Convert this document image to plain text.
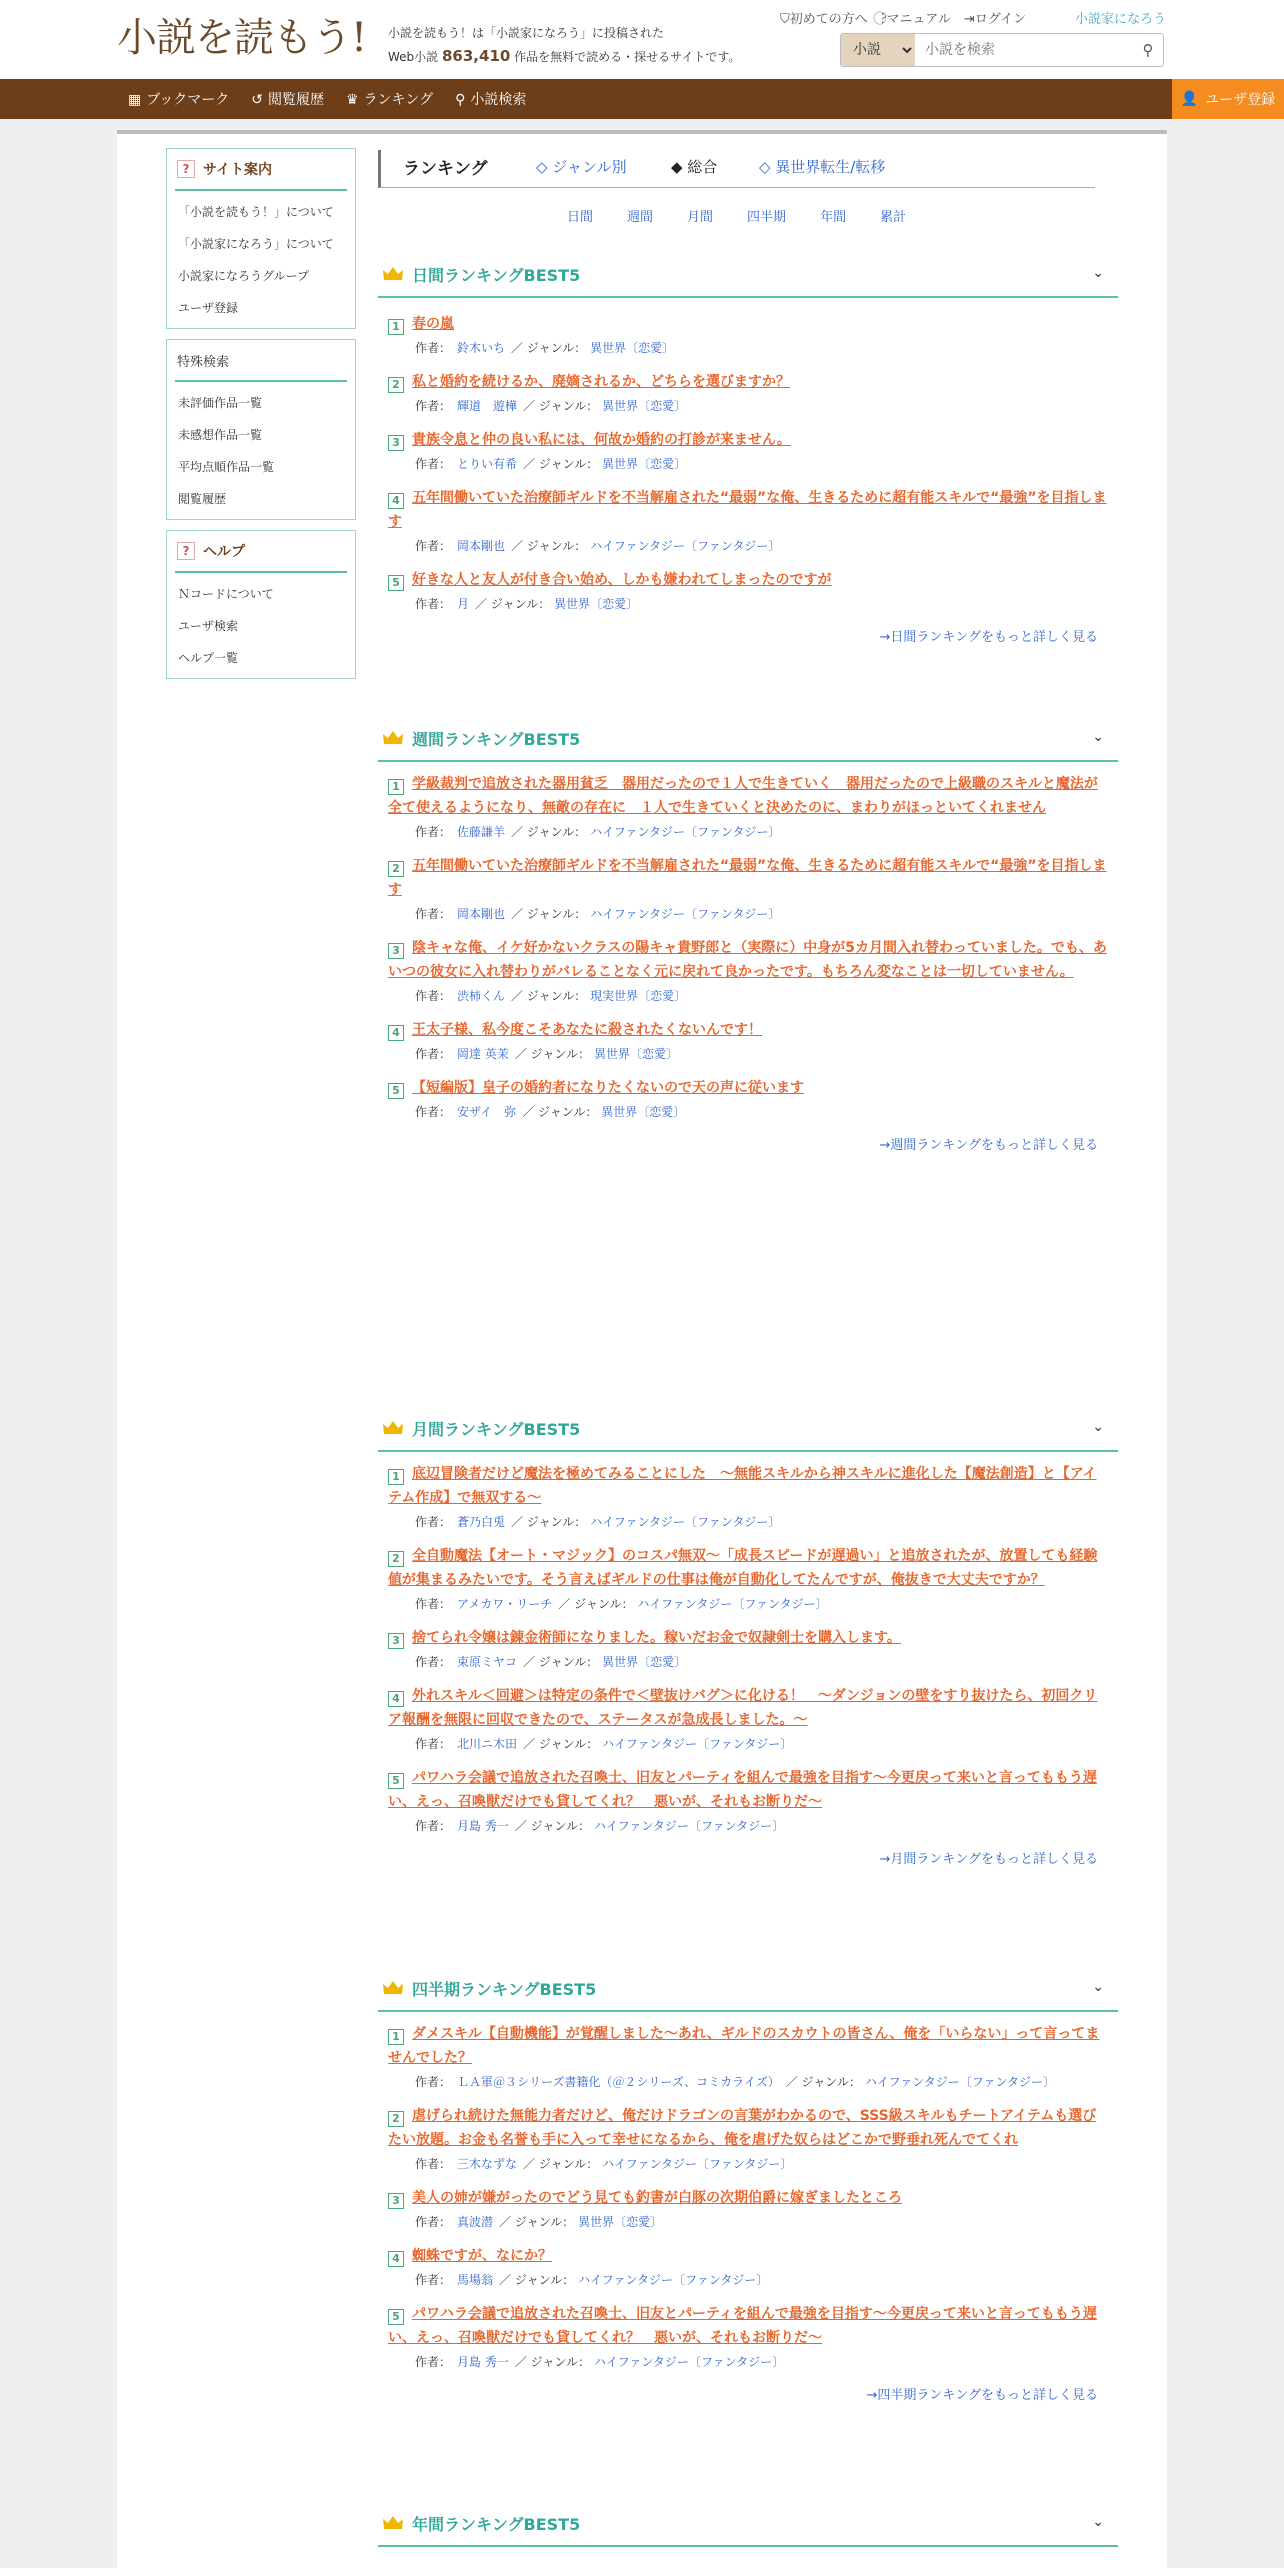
小説を読もう! 小説を読もう！は「小説家になろう」に投稿された
Web小説 863,410 作品を無料で読める・探せるサイトです。
⛉初めての方へ ?⃝マニュアル ⇥ログイン	小説家になろう
小説
小説を検索
⚲
▦ ブックマーク ↺ 閲覧履歴 ♛ ランキング ⚲ 小説検索	👤 ユーザ登録
? サイト案内
「小説を読もう！」について
「小説家になろう」について
小説家になろうグループ
ユーザ登録
特殊検索
未評価作品一覧
未感想作品一覧
平均点順作品一覧
閲覧履歴
? ヘルプ
Ｎコードについて
ユーザ検索
ヘルプ一覧
ランキング	◇ ジャンル別	◆ 総合	◇ 異世界転生/転移
日間	週間	月間	四半期	年間	累計
日間ランキングBEST5	⌄
1 春の嵐
作者： 鈴木いち ／ ジャンル： 異世界〔恋愛〕
2 私と婚約を続けるか、廃嫡されるか、どちらを選びますか？
作者： 輝道　遊樺 ／ ジャンル： 異世界〔恋愛〕
3 貴族令息と仲の良い私には、何故か婚約の打診が来ません。
作者： とりい有希 ／ ジャンル： 異世界〔恋愛〕
4 五年間働いていた治療師ギルドを不当解雇された“最弱”な俺、生きるために超有能スキルで“最強”を目指します
作者： 岡本剛也 ／ ジャンル： ハイファンタジー〔ファンタジー〕
5 好きな人と友人が付き合い始め、しかも嫌われてしまったのですが
作者： 月 ／ ジャンル： 異世界〔恋愛〕
→日間ランキングをもっと詳しく見る
週間ランキングBEST5	⌄
1 学級裁判で追放された器用貧乏　器用だったので１人で生きていく　器用だったので上級職のスキルと魔法が全て使えるようになり、無敵の存在に　１人で生きていくと決めたのに、まわりがほっといてくれません
作者： 佐藤謙羊 ／ ジャンル： ハイファンタジー〔ファンタジー〕
2 五年間働いていた治療師ギルドを不当解雇された“最弱”な俺、生きるために超有能スキルで“最強”を目指します
作者： 岡本剛也 ／ ジャンル： ハイファンタジー〔ファンタジー〕
3 陰キャな俺、イケ好かないクラスの陽キャ貴野郎と（実際に）中身が5カ月間入れ替わっていました。でも、あいつの彼女に入れ替わりがバレることなく元に戻れて良かったです。もちろん変なことは一切していません。
作者： 渋柿くん ／ ジャンル： 現実世界〔恋愛〕
4 王太子様、私今度こそあなたに殺されたくないんです！
作者： 岡達 英茉 ／ ジャンル： 異世界〔恋愛〕
5 【短編版】皇子の婚約者になりたくないので天の声に従います
作者： 安ザイ　弥 ／ ジャンル： 異世界〔恋愛〕
→週間ランキングをもっと詳しく見る
月間ランキングBEST5	⌄
1 底辺冒険者だけど魔法を極めてみることにした　～無能スキルから神スキルに進化した【魔法創造】と【アイテム作成】で無双する～
作者： 蒼乃白兎 ／ ジャンル： ハイファンタジー〔ファンタジー〕
2 全自動魔法【オート・マジック】のコスパ無双〜「成長スピードが遅過い」と追放されたが、放置しても経験値が集まるみたいです。そう言えばギルドの仕事は俺が自動化してたんですが、俺抜きで大丈夫ですか？
作者： アメカワ・リーチ ／ ジャンル： ハイファンタジー〔ファンタジー〕
3 捨てられ令嬢は錬金術師になりました。稼いだお金で奴隷剣士を購入します。
作者： 束原ミヤコ ／ ジャンル： 異世界〔恋愛〕
4 外れスキル＜回避＞は特定の条件で＜壁抜けバグ＞に化ける！　～ダンジョンの壁をすり抜けたら、初回クリア報酬を無限に回収できたので、ステータスが急成長しました。～
作者： 北川ニ木田 ／ ジャンル： ハイファンタジー〔ファンタジー〕
5 パワハラ会議で追放された召喚士、旧友とパーティを組んで最強を目指す～今更戻って来いと言ってももう遅い、えっ、召喚獣だけでも貸してくれ？　悪いが、それもお断りだ～
作者： 月島 秀一 ／ ジャンル： ハイファンタジー〔ファンタジー〕
→月間ランキングをもっと詳しく見る
四半期ランキングBEST5	⌄
1 ダメスキル【自動機能】が覚醒しました〜あれ、ギルドのスカウトの皆さん、俺を「いらない」って言ってませんでした？
作者： ＬＡ軍＠３シリーズ書籍化（＠２シリーズ、コミカライズ） ／ ジャンル： ハイファンタジー〔ファンタジー〕
2 虐げられ続けた無能力者だけど、俺だけドラゴンの言葉がわかるので、SSS級スキルもチートアイテムも選びたい放題。お金も名誉も手に入って幸せになるから、俺を虐げた奴らはどこかで野垂れ死んでてくれ
作者： 三木なずな ／ ジャンル： ハイファンタジー〔ファンタジー〕
3 美人の姉が嫌がったのでどう見ても釣書が白豚の次期伯爵に嫁ぎましたところ
作者： 真波潜 ／ ジャンル： 異世界〔恋愛〕
4 蜘蛛ですが、なにか？
作者： 馬場翁 ／ ジャンル： ハイファンタジー〔ファンタジー〕
5 パワハラ会議で追放された召喚士、旧友とパーティを組んで最強を目指す～今更戻って来いと言ってももう遅い、えっ、召喚獣だけでも貸してくれ？　悪いが、それもお断りだ～
作者： 月島 秀一 ／ ジャンル： ハイファンタジー〔ファンタジー〕
→四半期ランキングをもっと詳しく見る
年間ランキングBEST5	⌄
